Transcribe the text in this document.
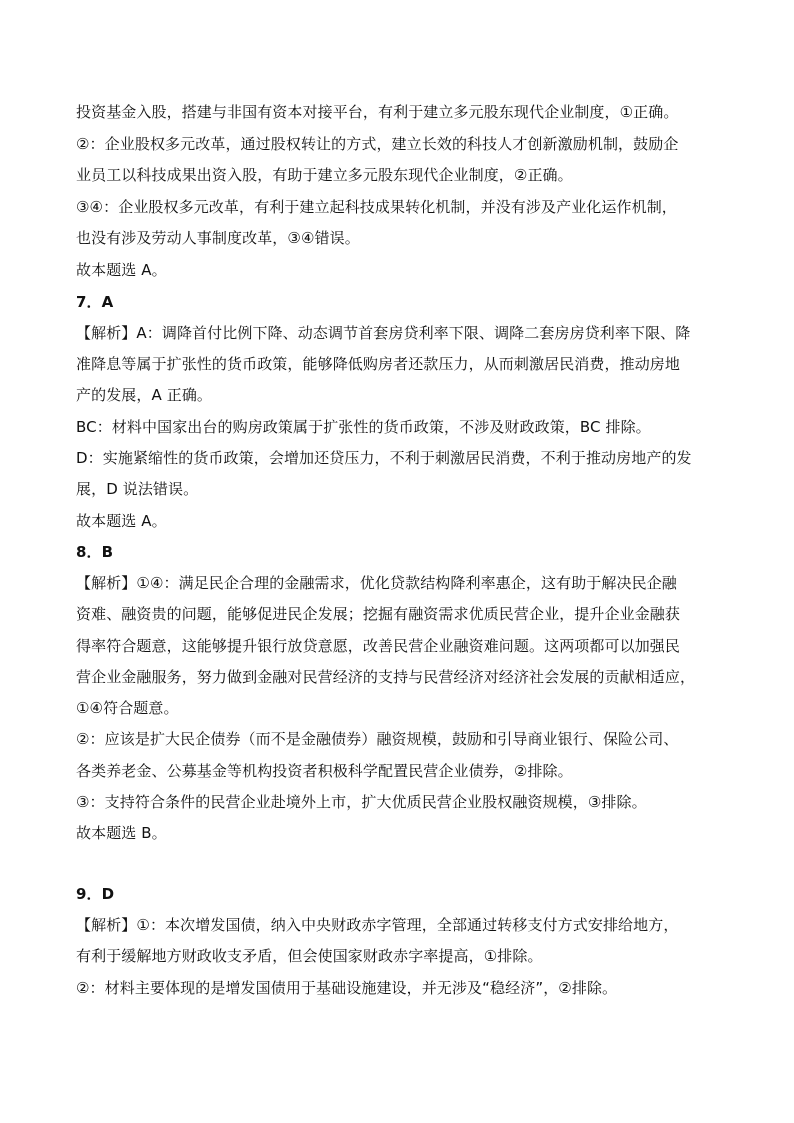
投资基金入股，搭建与非国有资本对接平台，有利于建立多元股东现代企业制度，①正确。
②：企业股权多元改革，通过股权转让的方式，建立长效的科技人才创新激励机制，鼓励企
业员工以科技成果出资入股，有助于建立多元股东现代企业制度，②正确。
③④：企业股权多元改革，有利于建立起科技成果转化机制，并没有涉及产业化运作机制，
也没有涉及劳动人事制度改革，③④错误。
故本题选 A。
7．A
【解析】A：调降首付比例下降、动态调节首套房贷利率下限、调降二套房房贷利率下限、降
准降息等属于扩张性的货币政策，能够降低购房者还款压力，从而刺激居民消费，推动房地
产的发展，A 正确。
BC：材料中国家出台的购房政策属于扩张性的货币政策，不涉及财政政策，BC 排除。
D：实施紧缩性的货币政策，会增加还贷压力，不利于刺激居民消费，不利于推动房地产的发
展，D 说法错误。
故本题选 A。
8．B
【解析】①④：满足民企合理的金融需求，优化贷款结构降利率惠企，这有助于解决民企融
资难、融资贵的问题，能够促进民企发展；挖掘有融资需求优质民营企业，提升企业金融获
得率符合题意，这能够提升银行放贷意愿，改善民营企业融资难问题。这两项都可以加强民
营企业金融服务，努力做到金融对民营经济的支持与民营经济对经济社会发展的贡献相适应，
①④符合题意。
②：应该是扩大民企债券（而不是金融债券）融资规模，鼓励和引导商业银行、保险公司、
各类养老金、公募基金等机构投资者积极科学配置民营企业债券，②排除。
③：支持符合条件的民营企业赴境外上市，扩大优质民营企业股权融资规模，③排除。
故本题选 B。
9．D
【解析】①：本次增发国债，纳入中央财政赤字管理，全部通过转移支付方式安排给地方，
有利于缓解地方财政收支矛盾，但会使国家财政赤字率提高，①排除。
②：材料主要体现的是增发国债用于基础设施建设，并无涉及“稳经济”，②排除。
